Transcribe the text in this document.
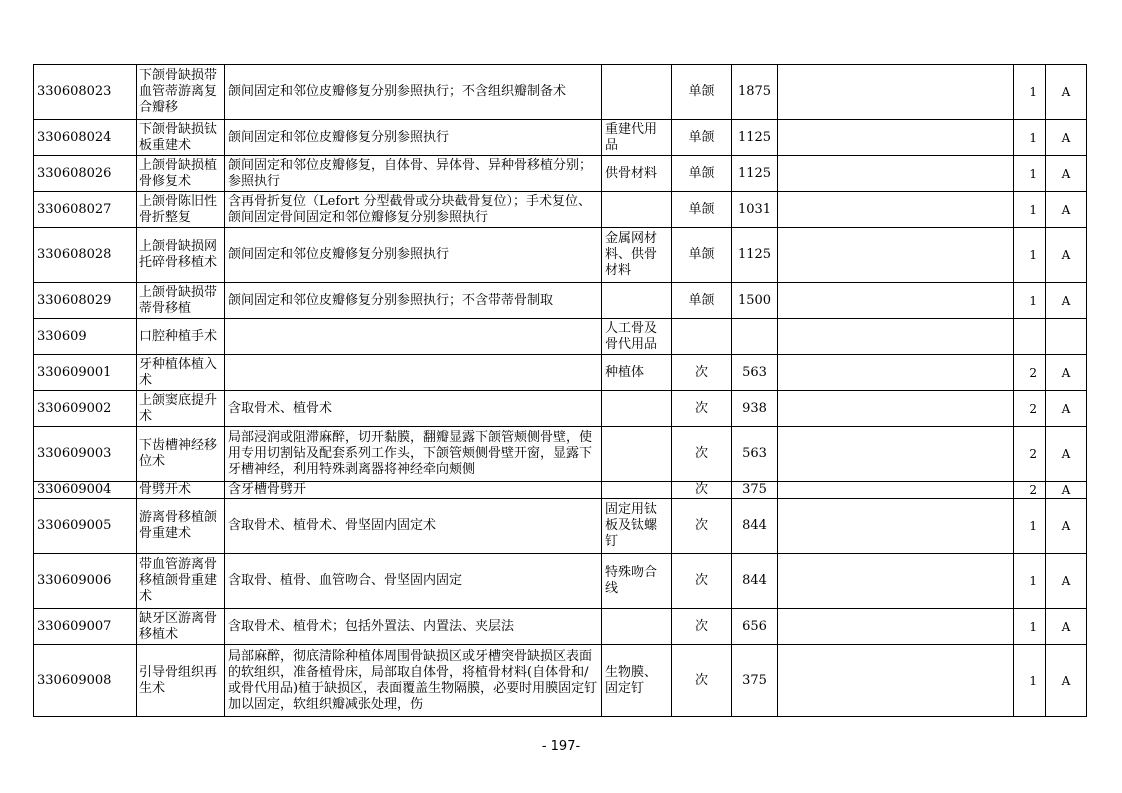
330608023	下颌骨缺损带血管蒂游离复合瓣移	颌间固定和邻位皮瓣修复分别参照执行；不含组织瓣制备术		单颌	1875		1	A
330608024	下颌骨缺损钛板重建术	颌间固定和邻位皮瓣修复分别参照执行	重建代用品	单颌	1125		1	A
330608026	上颌骨缺损植骨修复术	颌间固定和邻位皮瓣修复，自体骨、异体骨、异种骨移植分别；参照执行	供骨材料	单颌	1125		1	A
330608027	上颌骨陈旧性骨折整复	含再骨折复位（Lefort 分型截骨或分块截骨复位）；手术复位、颌间固定骨间固定和邻位瓣修复分别参照执行		单颌	1031		1	A
330608028	上颌骨缺损网托碎骨移植术	颌间固定和邻位皮瓣修复分别参照执行	金属网材料、供骨材料	单颌	1125		1	A
330608029	上颌骨缺损带蒂骨移植	颌间固定和邻位皮瓣修复分别参照执行；不含带蒂骨制取		单颌	1500		1	A
330609	口腔种植手术		人工骨及骨代用品					
330609001	牙种植体植入术		种植体	次	563		2	A
330609002	上颌窦底提升术	含取骨术、植骨术		次	938		2	A
330609003	下齿槽神经移位术	局部浸润或阻滞麻醉，切开黏膜，翻瓣显露下颌管颊侧骨壁，使用专用切割钻及配套系列工作头，下颌管颊侧骨壁开窗，显露下牙槽神经，利用特殊剥离器将神经牵向颊侧		次	563		2	A
330609004	骨劈开术	含牙槽骨劈开		次	375		2	A
330609005	游离骨移植颌骨重建术	含取骨术、植骨术、骨坚固内固定术	固定用钛板及钛螺钉	次	844		1	A
330609006	带血管游离骨移植颌骨重建术	含取骨、植骨、血管吻合、骨坚固内固定	特殊吻合线	次	844		1	A
330609007	缺牙区游离骨移植术	含取骨术、植骨术；包括外置法、内置法、夹层法		次	656		1	A
330609008	引导骨组织再生术	局部麻醉，彻底清除种植体周围骨缺损区或牙槽突骨缺损区表面的软组织，准备植骨床，局部取自体骨，将植骨材料(自体骨和/或骨代用品)植于缺损区，表面覆盖生物隔膜，必要时用膜固定钉加以固定，软组织瓣减张处理，伤	生物膜、固定钉	次	375		1	A
- 197-
